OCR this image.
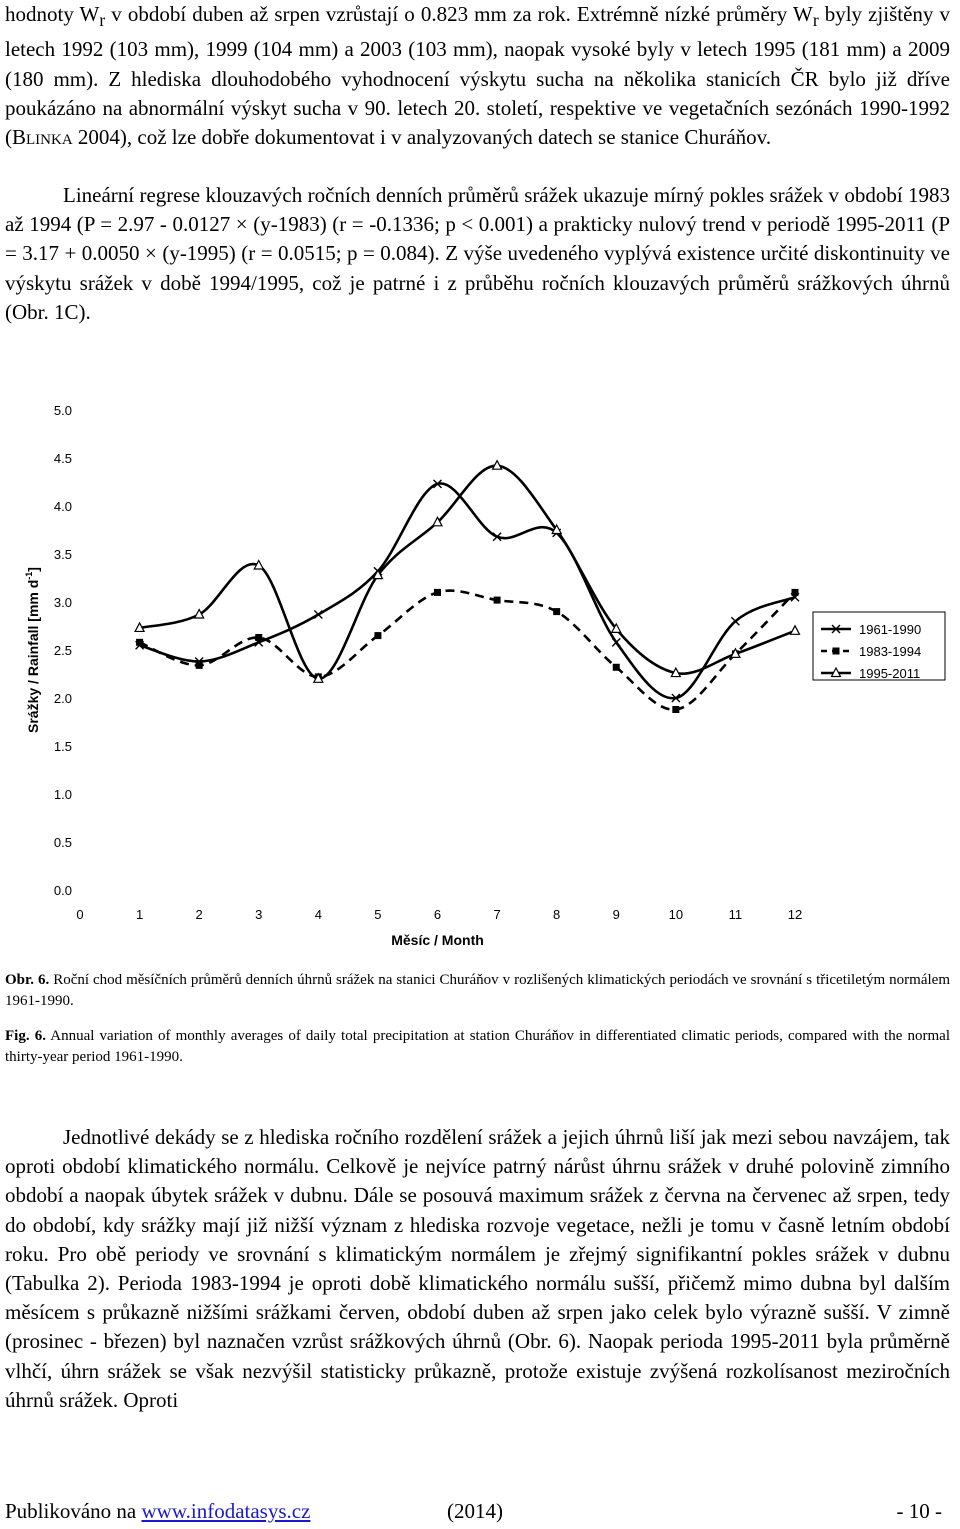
hodnoty $W_r$ v období duben až srpen vzrůstají o 0.823 mm za rok. Extrémně nízké průměry $W_r$ byly zjištěny v letech 1992 (103 mm), 1999 (104 mm) a 2003 (103 mm), naopak vysoké byly v letech 1995 (181 mm) a 2009 (180 mm). Z hlediska dlouhodobého vyhodnocení výskytu sucha na několika stanicích ČR bylo již dříve poukázáno na abnormální výskyt sucha v 90. letech 20. století, respektive ve vegetačních sezónách 1990-1992 (Blinka 2004), což lze dobře dokumentovat i v analyzovaných datech se stanice Churáňov.

Lineární regrese klouzavých ročních denních průměrů srážek ukazuje mírný pokles srážek v období 1983 až 1994 (P = 2.97 - 0.0127 × (y-1983) (r = -0.1336; p < 0.001) a prakticky nulový trend v periodě 1995-2011 (P = 3.17 + 0.0050 × (y-1995) (r = 0.0515; p = 0.084). Z výše uvedeného vyplývá existence určité diskontinuity ve výskytu srážek v době 1994/1995, což je patrné i z průběhu ročních klouzavých průměrů srážkových úhrnů (Obr. 1C).

0.0
0.5
1.0
1.5
2.0
2.5
3.0
3.5
4.0
4.5
5.0
0	1	2	3	4	5	6	7	8	9	10	11	12
Měsíc / Month
Srážky / Rainfall [mm $d^{-1}$]
1961-1990
1983-1994
1995-2011

Obr. 6. Roční chod měsíčních průměrů denních úhrnů srážek na stanici Churáňov v rozlišených klimatických periodách ve srovnání s třicetiletým normálem 1961-1990.

Fig. 6. Annual variation of monthly averages of daily total precipitation at station Churáňov in differentiated climatic periods, compared with the normal thirty-year period 1961-1990.

Jednotlivé dekády se z hlediska ročního rozdělení srážek a jejich úhrnů liší jak mezi sebou navzájem, tak oproti období klimatického normálu. Celkově je nejvíce patrný nárůst úhrnu srážek v druhé polovině zimního období a naopak úbytek srážek v dubnu. Dále se posouvá maximum srážek z června na červenec až srpen, tedy do období, kdy srážky mají již nižší význam z hlediska rozvoje vegetace, nežli je tomu v časně letním období roku. Pro obě periody ve srovnání s klimatickým normálem je zřejmý signifikantní pokles srážek v dubnu (Tabulka 2). Perioda 1983-1994 je oproti době klimatického normálu sušší, přičemž mimo dubna byl dalším měsícem s průkazně nižšími srážkami červen, období duben až srpen jako celek bylo výrazně sušší. V zimně (prosinec - březen) byl naznačen vzrůst srážkových úhrnů (Obr. 6). Naopak perioda 1995-2011 byla průměrně vlhčí, úhrn srážek se však nezvýšil statisticky průkazně, protože existuje zvýšená rozkolísanost meziročních úhrnů srážek. Oproti

Publikováno na www.infodatasys.cz	(2014)	- 10 -
